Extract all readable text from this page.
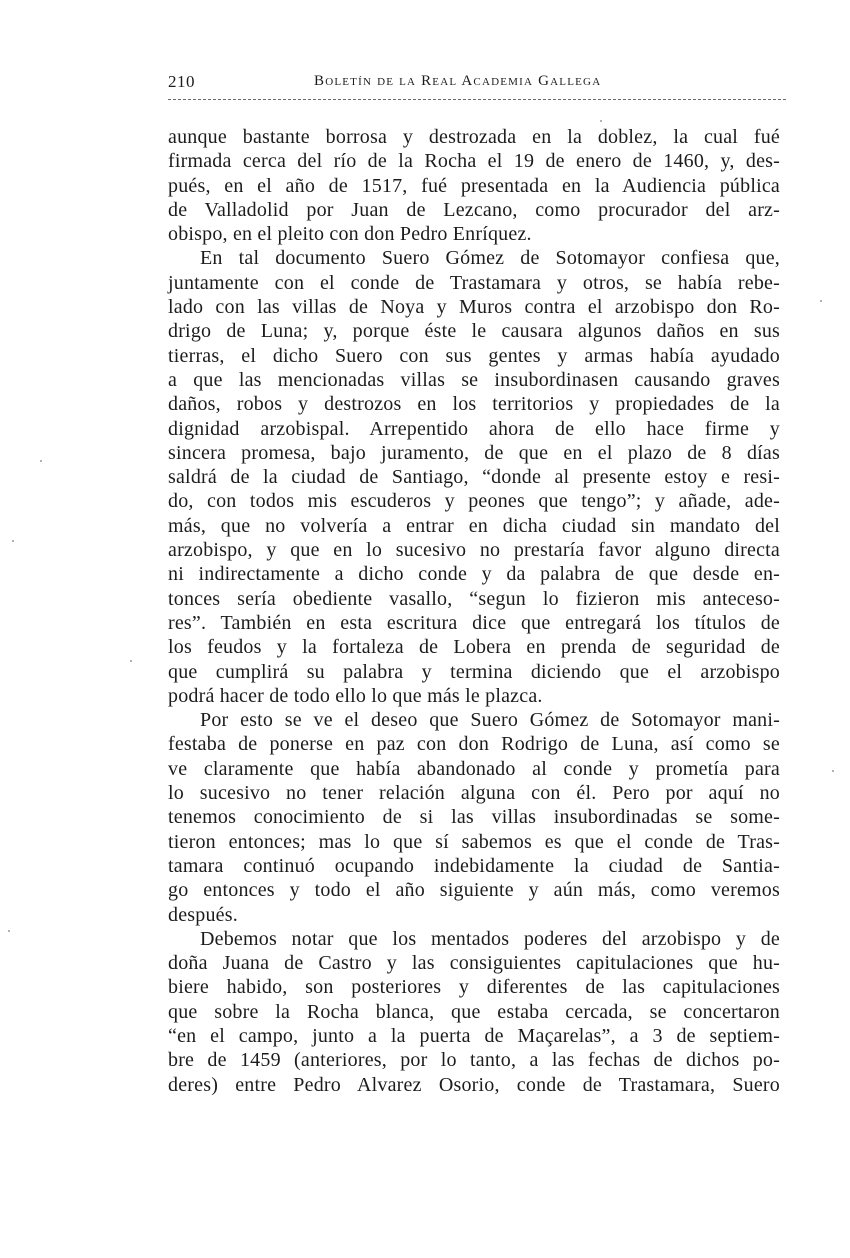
210	Boletín de la Real Academia Gallega
aunque bastante borrosa y destrozada en la doblez, la cual fué
firmada cerca del río de la Rocha el 19 de enero de 1460, y, des-
pués, en el año de 1517, fué presentada en la Audiencia pública
de Valladolid por Juan de Lezcano, como procurador del arz-
obispo, en el pleito con don Pedro Enríquez.
En tal documento Suero Gómez de Sotomayor confiesa que,
juntamente con el conde de Trastamara y otros, se había rebe-
lado con las villas de Noya y Muros contra el arzobispo don Ro-
drigo de Luna; y, porque éste le causara algunos daños en sus
tierras, el dicho Suero con sus gentes y armas había ayudado
a que las mencionadas villas se insubordinasen causando graves
daños, robos y destrozos en los territorios y propiedades de la
dignidad arzobispal. Arrepentido ahora de ello hace firme y
sincera promesa, bajo juramento, de que en el plazo de 8 días
saldrá de la ciudad de Santiago, “donde al presente estoy e resi-
do, con todos mis escuderos y peones que tengo”; y añade, ade-
más, que no volvería a entrar en dicha ciudad sin mandato del
arzobispo, y que en lo sucesivo no prestaría favor alguno directa
ni indirectamente a dicho conde y da palabra de que desde en-
tonces sería obediente vasallo, “segun lo fizieron mis anteceso-
res”. También en esta escritura dice que entregará los títulos de
los feudos y la fortaleza de Lobera en prenda de seguridad de
que cumplirá su palabra y termina diciendo que el arzobispo
podrá hacer de todo ello lo que más le plazca.
Por esto se ve el deseo que Suero Gómez de Sotomayor mani-
festaba de ponerse en paz con don Rodrigo de Luna, así como se
ve claramente que había abandonado al conde y prometía para
lo sucesivo no tener relación alguna con él. Pero por aquí no
tenemos conocimiento de si las villas insubordinadas se some-
tieron entonces; mas lo que sí sabemos es que el conde de Tras-
tamara continuó ocupando indebidamente la ciudad de Santia-
go entonces y todo el año siguiente y aún más, como veremos
después.
Debemos notar que los mentados poderes del arzobispo y de
doña Juana de Castro y las consiguientes capitulaciones que hu-
biere habido, son posteriores y diferentes de las capitulaciones
que sobre la Rocha blanca, que estaba cercada, se concertaron
“en el campo, junto a la puerta de Maçarelas”, a 3 de septiem-
bre de 1459 (anteriores, por lo tanto, a las fechas de dichos po-
deres) entre Pedro Alvarez Osorio, conde de Trastamara, Suero
